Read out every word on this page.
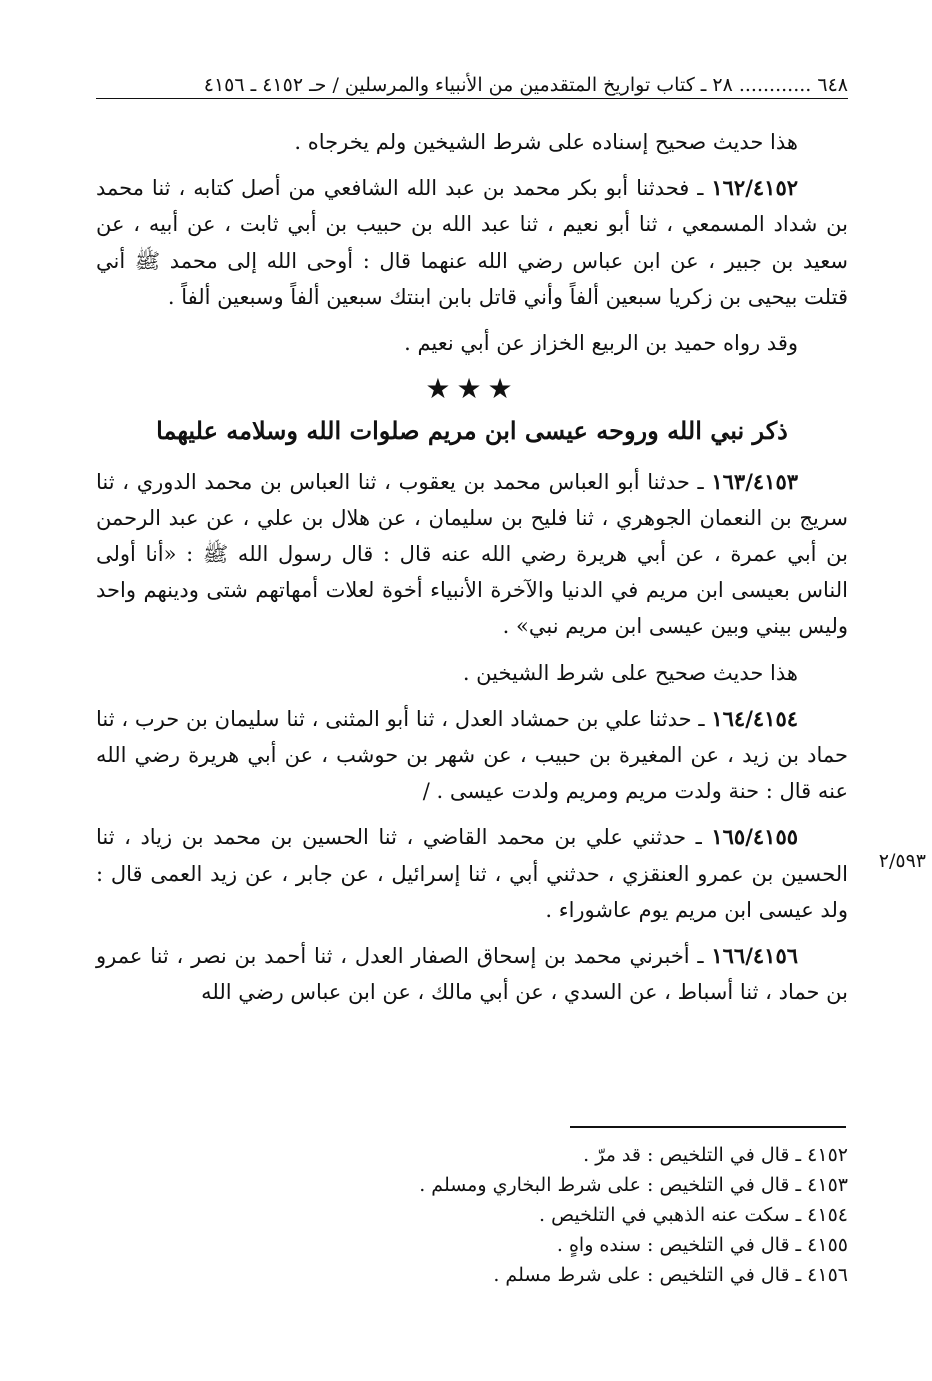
٦٤٨ ............ ٢٨ ـ كتاب تواريخ المتقدمين من الأنبياء والمرسلين / حـ ٤١٥٢ ـ ٤١٥٦

هذا حديث صحيح إسناده على شرط الشيخين ولم يخرجاه .

١٦٢/٤١٥٢ ـ فحدثنا أبو بكر محمد بن عبد الله الشافعي من أصل كتابه ، ثنا محمد بن شداد المسمعي ، ثنا أبو نعيم ، ثنا عبد الله بن حبيب بن أبي ثابت ، عن أبيه ، عن سعيد بن جبير ، عن ابن عباس رضي الله عنهما قال : أوحى الله إلى محمد ﷺ أني قتلت بيحيى بن زكريا سبعين ألفاً وأني قاتل بابن ابنتك سبعين ألفاً وسبعين ألفاً .

وقد رواه حميد بن الربيع الخزاز عن أبي نعيم .

★★★
ذكر نبي الله وروحه عيسى ابن مريم صلوات الله وسلامه عليهما

١٦٣/٤١٥٣ ـ حدثنا أبو العباس محمد بن يعقوب ، ثنا العباس بن محمد الدوري ، ثنا سريج بن النعمان الجوهري ، ثنا فليح بن سليمان ، عن هلال بن علي ، عن عبد الرحمن بن أبي عمرة ، عن أبي هريرة رضي الله عنه قال : قال رسول الله ﷺ : «أنا أولى الناس بعيسى ابن مريم في الدنيا والآخرة الأنبياء أخوة لعلات أمهاتهم شتى ودينهم واحد وليس بيني وبين عيسى ابن مريم نبي» .

هذا حديث صحيح على شرط الشيخين .

١٦٤/٤١٥٤ ـ حدثنا علي بن حمشاد العدل ، ثنا أبو المثنى ، ثنا سليمان بن حرب ، ثنا حماد بن زيد ، عن المغيرة بن حبيب ، عن شهر بن حوشب ، عن أبي هريرة رضي الله عنه قال : حنة ولدت مريم ومريم ولدت عيسى . /

١٦٥/٤١٥٥ ـ حدثني علي بن محمد القاضي ، ثنا الحسين بن محمد بن زياد ، ثنا الحسين بن عمرو العنقزي ، حدثني أبي ، ثنا إسرائيل ، عن جابر ، عن زيد العمى قال : ولد عيسى ابن مريم يوم عاشوراء .

١٦٦/٤١٥٦ ـ أخبرني محمد بن إسحاق الصفار العدل ، ثنا أحمد بن نصر ، ثنا عمرو بن حماد ، ثنا أسباط ، عن السدي ، عن أبي مالك ، عن ابن عباس رضي الله

٢/٥٩٣

٤١٥٢ ـ قال في التلخيص : قد مرّ .

٤١٥٣ ـ قال في التلخيص : على شرط البخاري ومسلم .

٤١٥٤ ـ سكت عنه الذهبي في التلخيص .

٤١٥٥ ـ قال في التلخيص : سنده واهٍ .

٤١٥٦ ـ قال في التلخيص : على شرط مسلم .
